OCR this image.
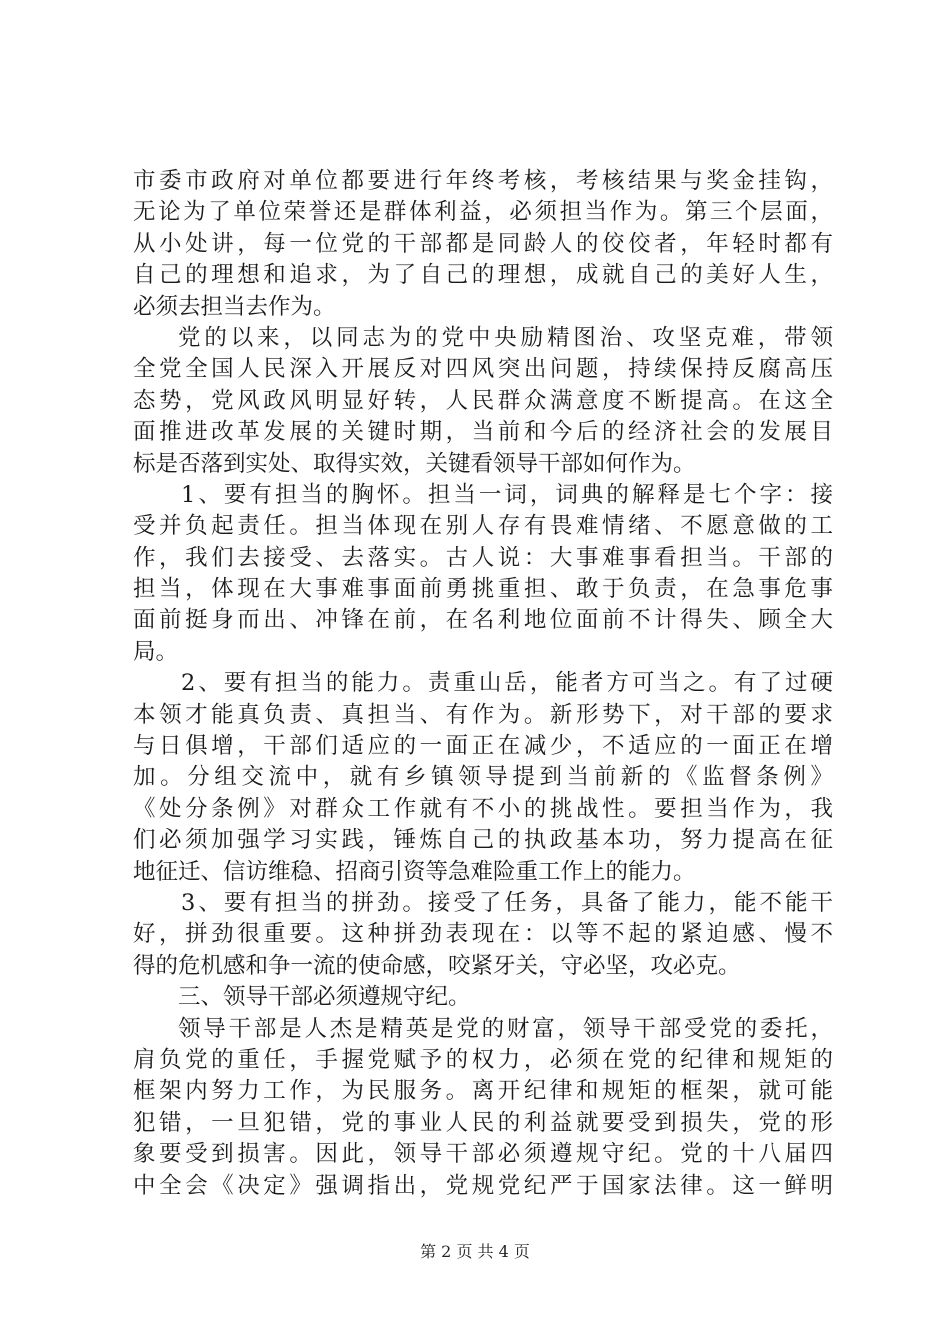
市委市政府对单位都要进行年终考核，考核结果与奖金挂钩，
无论为了单位荣誉还是群体利益，必须担当作为。第三个层面，
从小处讲，每一位党的干部都是同龄人的佼佼者，年轻时都有
自己的理想和追求，为了自己的理想，成就自己的美好人生，
必须去担当去作为。
党的以来，以同志为的党中央励精图治、攻坚克难，带领
全党全国人民深入开展反对四风突出问题，持续保持反腐高压
态势，党风政风明显好转，人民群众满意度不断提高。在这全
面推进改革发展的关键时期，当前和今后的经济社会的发展目
标是否落到实处、取得实效，关键看领导干部如何作为。
1、要有担当的胸怀。担当一词，词典的解释是七个字：接
受并负起责任。担当体现在别人存有畏难情绪、不愿意做的工
作，我们去接受、去落实。古人说：大事难事看担当。干部的
担当，体现在大事难事面前勇挑重担、敢于负责，在急事危事
面前挺身而出、冲锋在前，在名利地位面前不计得失、顾全大
局。
2、要有担当的能力。责重山岳，能者方可当之。有了过硬
本领才能真负责、真担当、有作为。新形势下，对干部的要求
与日俱增，干部们适应的一面正在减少，不适应的一面正在增
加。分组交流中，就有乡镇领导提到当前新的《监督条例》
《处分条例》对群众工作就有不小的挑战性。要担当作为，我
们必须加强学习实践，锤炼自己的执政基本功，努力提高在征
地征迁、信访维稳、招商引资等急难险重工作上的能力。
3、要有担当的拼劲。接受了任务，具备了能力，能不能干
好，拼劲很重要。这种拼劲表现在：以等不起的紧迫感、慢不
得的危机感和争一流的使命感，咬紧牙关，守必坚，攻必克。
三、领导干部必须遵规守纪。
领导干部是人杰是精英是党的财富，领导干部受党的委托，
肩负党的重任，手握党赋予的权力，必须在党的纪律和规矩的
框架内努力工作，为民服务。离开纪律和规矩的框架，就可能
犯错，一旦犯错，党的事业人民的利益就要受到损失，党的形
象要受到损害。因此，领导干部必须遵规守纪。党的十八届四
中全会《决定》强调指出，党规党纪严于国家法律。这一鲜明
第 2 页 共 4 页
